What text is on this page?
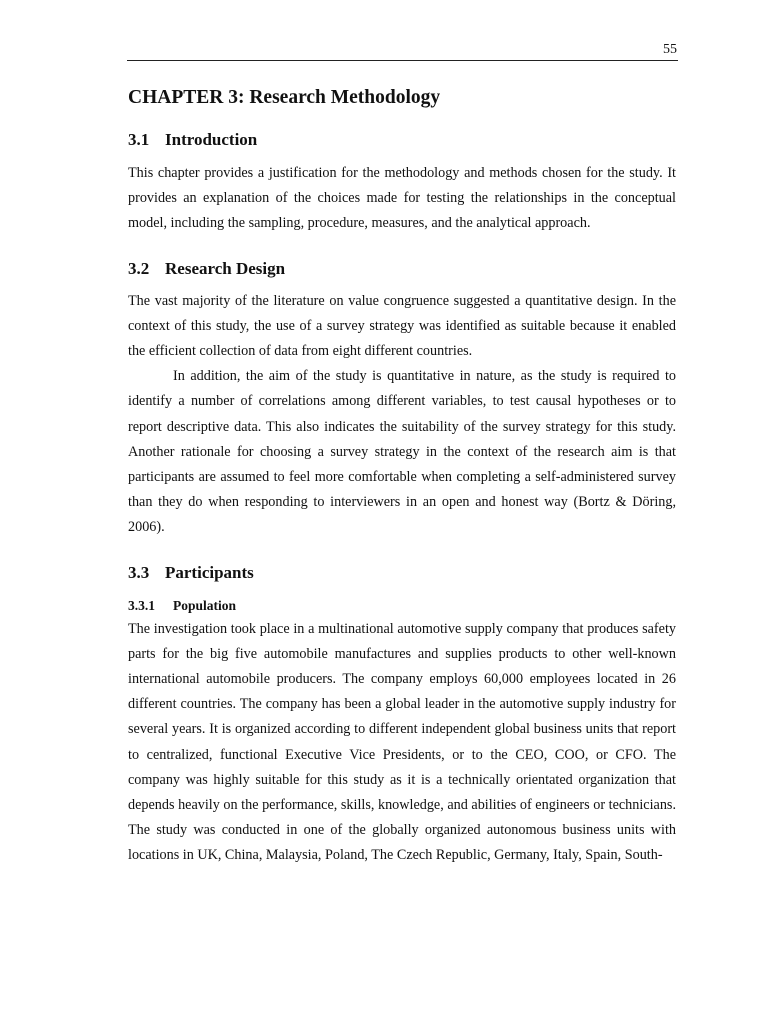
55
CHAPTER 3: Research Methodology
3.1 Introduction

This chapter provides a justification for the methodology and methods chosen for the study. It provides an explanation of the choices made for testing the relationships in the conceptual model, including the sampling, procedure, measures, and the analytical approach.

3.2 Research Design

The vast majority of the literature on value congruence suggested a quantitative design. In the context of this study, the use of a survey strategy was identified as suitable because it enabled the efficient collection of data from eight different countries.

In addition, the aim of the study is quantitative in nature, as the study is required to identify a number of correlations among different variables, to test causal hypotheses or to report descriptive data. This also indicates the suitability of the survey strategy for this study. Another rationale for choosing a survey strategy in the context of the research aim is that participants are assumed to feel more comfortable when completing a self-administered survey than they do when responding to interviewers in an open and honest way (Bortz & Döring, 2006).

3.3 Participants
3.3.1 Population

The investigation took place in a multinational automotive supply company that produces safety parts for the big five automobile manufactures and supplies products to other well-known international automobile producers. The company employs 60,000 employees located in 26 different countries. The company has been a global leader in the automotive supply industry for several years. It is organized according to different independent global business units that report to centralized, functional Executive Vice Presidents, or to the CEO, COO, or CFO. The company was highly suitable for this study as it is a technically orientated organization that depends heavily on the performance, skills, knowledge, and abilities of engineers or technicians. The study was conducted in one of the globally organized autonomous business units with locations in UK, China, Malaysia, Poland, The Czech Republic, Germany, Italy, Spain, South-
